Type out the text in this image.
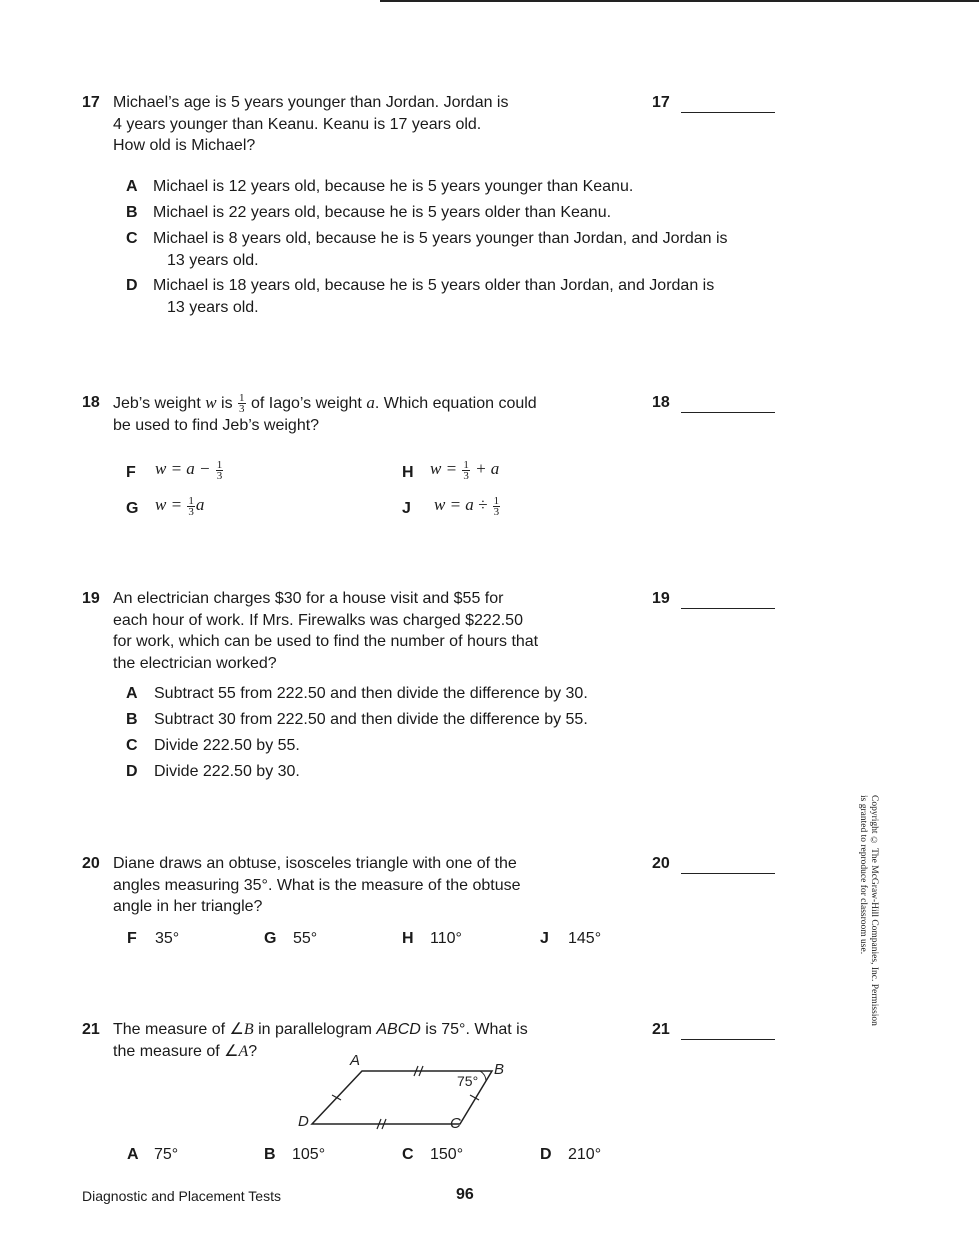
17 Michael’s age is 5 years younger than Jordan. Jordan is
4 years younger than Keanu. Keanu is 17 years old.
How old is Michael?
17
A Michael is 12 years old, because he is 5 years younger than Keanu.
B Michael is 22 years old, because he is 5 years older than Keanu.
C Michael is 8 years old, because he is 5 years younger than Jordan, and Jordan is
13 years old.
D Michael is 18 years old, because he is 5 years older than Jordan, and Jordan is
13 years old.
18 Jeb’s weight w is $\frac{1}{3}$ of Iago’s weight a. Which equation could
be used to find Jeb’s weight?
18
F $w = a - \frac{1}{3}$
G $w = \frac{1}{3}$ a
H $w = \frac{1}{3} + a$
J $w = a \div \frac{1}{3}$
19 An electrician charges $30 for a house visit and $55 for
each hour of work. If Mrs. Firewalks was charged $222.50
for work, which can be used to find the number of hours that
the electrician worked?
19
A Subtract 55 from 222.50 and then divide the difference by 30.
B Subtract 30 from 222.50 and then divide the difference by 55.
C Divide 222.50 by 55.
D Divide 222.50 by 30.
20 Diane draws an obtuse, isosceles triangle with one of the
angles measuring 35°. What is the measure of the obtuse
angle in her triangle?
20
F 35°	G 55°	H 110°	J 145°
21 The measure of ∠B in parallelogram ABCD is 75°. What is
the measure of ∠A?
21
A
B
C
D
75°
A 75°	B 105°	C 150°	D 210°
Copyright © The McGraw-Hill Companies, Inc. Permission
is granted to reproduce for classroom use.
Diagnostic and Placement Tests	96
